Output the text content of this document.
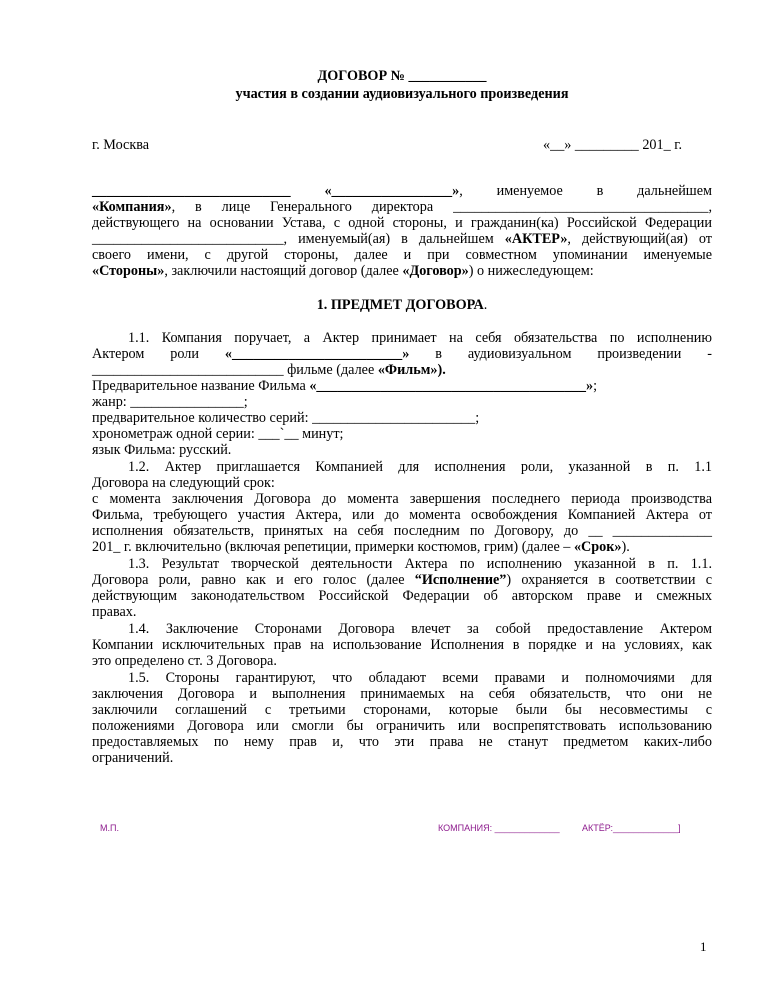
ДОГОВОР № ___________
участия в создании аудиовизуального произведения
г. Москва	«__» _________ 201_ г.
____________________________ «_________________», именуемое в дальнейшем
«Компания», в лице Генерального директора ____________________________________,
действующего на основании Устава, с одной стороны, и гражданин(ка) Российской Федерации
___________________________, именуемый(ая) в дальнейшем «АКТЕР», действующий(ая) от
своего имени, с другой стороны, далее и при совместном упоминании именуемые
«Стороны», заключили настоящий договор (далее «Договор») о нижеследующем:
1. ПРЕДМЕТ ДОГОВОРА.
1.1. Компания поручает, а Актер принимает на себя обязательства по исполнению
Актером роли «________________________» в аудиовизуальном произведении -
___________________________ фильме (далее «Фильм»).
Предварительное название Фильма «______________________________________»;
жанр: ________________;
предварительное количество серий: _______________________;
хронометраж одной серии: ___`__ минут;
язык Фильма: русский.
1.2. Актер приглашается Компанией для исполнения роли, указанной в п. 1.1
Договора на следующий срок:
с момента заключения Договора до момента завершения последнего периода производства
Фильма, требующего участия Актера, или до момента освобождения Компанией Актера от
исполнения обязательств, принятых на себя последним по Договору, до __ ______________
201_ г. включительно (включая репетиции, примерки костюмов, грим) (далее – «Срок»).
1.3. Результат творческой деятельности Актера по исполнению указанной в п. 1.1.
Договора роли, равно как и его голос (далее “Исполнение”) охраняется в соответствии с
действующим законодательством Российской Федерации об авторском праве и смежных
правах.
1.4. Заключение Сторонами Договора влечет за собой предоставление Актером
Компании исключительных прав на использование Исполнения в порядке и на условиях, как
это определено ст. 3 Договора.
1.5. Стороны гарантируют, что обладают всеми правами и полномочиями для
заключения Договора и выполнения принимаемых на себя обязательств, что они не
заключили соглашений с третьими сторонами, которые были бы несовместимы с
положениями Договора или смогли бы ограничить или воспрепятствовать использованию
предоставляемых по нему прав и, что эти права не станут предметом каких-либо
ограничений.
М.П.	КОМПАНИЯ: _____________ АКТЁР:_____________]
1
